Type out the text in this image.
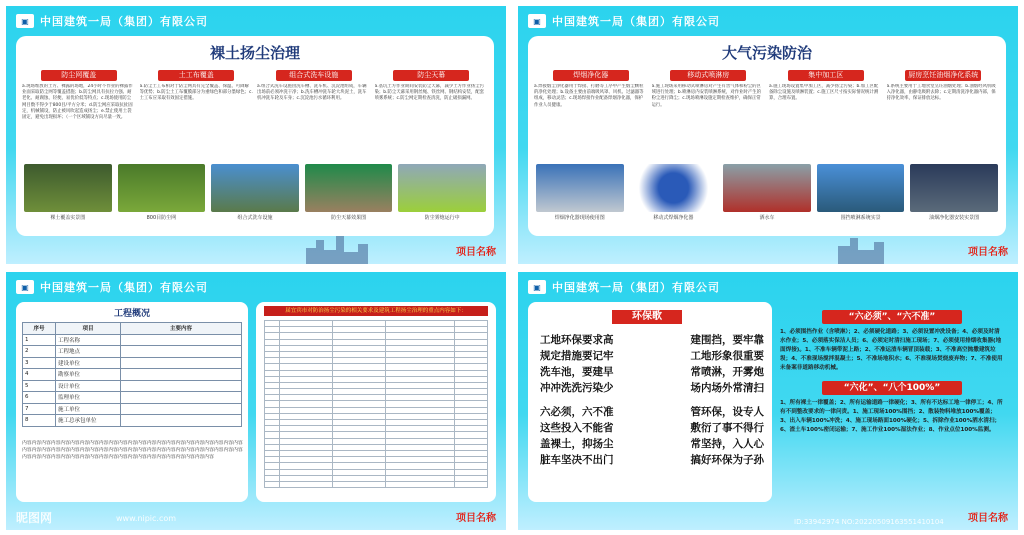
▣	中国建筑一局（集团）有限公司
裸土扬尘治理
防尘网覆盖
a.现场堆放的土方、裸露的场地，24小时不作业的裸露作业面采取防尘网等覆盖措施；b.防尘网具有抗拉力强、耐老化、耐腐蚀、轻便、易优价低等特点；c.现场使用防尘网目数不得少于800目/平方分米；d.防尘网应采取抗扯固定，机械铺设，防止被风吹起造成扬尘；e.禁止使用土袋固定，避免出现损坏；（一个区域铺设方向尽量一致。
土工布覆盖
a.防尘土工布相对于防尘网具有完全覆盖、保温、可降解等优势；b.防尘土工布覆膜部分为重绿色和部分墨绿色；c.土工布应采取有效固定措施。
组合式洗车设施
a.组合式洗车设施由洗车槽、洗车机、沉淀池组成，车辆出场前必须冲洗干净；b.洗车槽冲洗车轮大块泥土，洗车机冲洗车轮及车身；c.沉淀池污水循环利用。
防尘天幕
a.基坑土方作业期间安装防尘天幕，减少土方作业扬尘污染；b.防尘天幕采用钢丝绳、铁丝网、钢结构安装，配套喷雾系统；c.防尘网定期检查清洗，防止破损漏网。
裸土覆盖实景图	800目防尘网	组合式洗车设施	防尘天幕效果图	防尘雾炮运行中
项目名称
▣	中国建筑一局（集团）有限公司
大气污染防治
焊烟净化器
a.焊接烟尘净化器用于焊接、打磨等工序中产生烟尘颗粒的净化处理；b.设备主要由前端吸风罩、风机、过滤器等组成，移动灵活；c.现场焊接作业配备焊烟净化器，保护作业人员健康。
移动式喷淋房
a.施工现场采用移动式喷淋房对产生有害气体和粉尘的区域进行处理；b.喷淋房内安装喷淋系统，对作业时产生的粉尘进行降尘；c.现场喷淋设施定期检查维护，确保正常运行。
集中加工区
a.施工现场设置集中加工区，减少扬尘污染；b.加工区配备除尘设施及喷淋装置；c.施工区尺寸按实际情况统计测算，合理布置。
厨房烹饪油烟净化系统
a.系统主要用于工地食堂烹饪油烟处理；b.油烟经风机吸入净化器，由静电吸附去除；c.定期清洗净化器内部，保持净化效率，保证排放达标。
焊烟净化器现场使用图	移动式焊烟净化器	洒水车	围挡喷淋系统实景	油烟净化器安装实景图
项目名称
▣	中国建筑一局（集团）有限公司
工程概况
序号	项目	主要内容
1	工程名称	
2	工程地点	
3	建设单位	
4	勘察单位	
5	设计单位	
6	监理单位	
7	施工单位	
8	施工总承包单位	
内容内容内容内容内容内容内容内容内容内容内容内容内容内容内容内容内容内容内容内容内容内容内容内容内容内容内容内容内容内容内容内容内容内容内容内容内容内容内容内容内容内容内容内容内容内容内容内容内容内容内容内容内容内容内容内容内容内容内容内容内容内容内容内容内容内容
届宜宾市对防治扬尘污染的相关要求及建筑工程扬尘治理的重点内容如下：

昵图网	www.nipic.com	项目名称
▣	中国建筑一局（集团）有限公司
环保歌
工地环保要求高	建围挡，要牢靠
规定措施要记牢	工地形象很重要
洗车池，要建早	常喷淋，开雾炮
冲冲洗洗污染少	场内场外常清扫
六必须，六不准	管环保，设专人
这些投入不能省	敷衍了事不得行
盖裸土，抑扬尘	常坚持，入人心
脏车坚决不出门	搞好环保为子孙
“六必须”、“六不准”
1、必须围挡作业（含喷淋）；2、必须硬化道路；3、必须设置冲洗设备；4、必须及时清水作业；5、必须落实保洁人员；6、必须定时清扫施工现场；7、必须使用排烟收集器(地面焊接)。1、不准车辆带泥上路；2、不准运渣车辆冒顶装载；3、不准高空抛撒建筑垃圾；4、不准现场搅拌混凝土；5、不准场地积水；6、不准现场焚烧废弃物；7、不准使用未备案非道路移动机械。
“六化”、“八个100%”
1、所有裸土一律覆盖；2、所有运输道路一律硬化；3、所有不达标工地一律停工；4、所有不到整改要求的一律问责。1、施工现场100%围挡；2、散装物料堆放100%覆盖；3、出入车辆100%冲洗；4、施工现场路面100%硬化；5、拆除作业100%洒水清扫；6、渣土车100%密闭运输；7、施工作业100%湿法作业；8、作业点位100%监测。
ID:33942974 NO:20220509163551410104 项目名称
